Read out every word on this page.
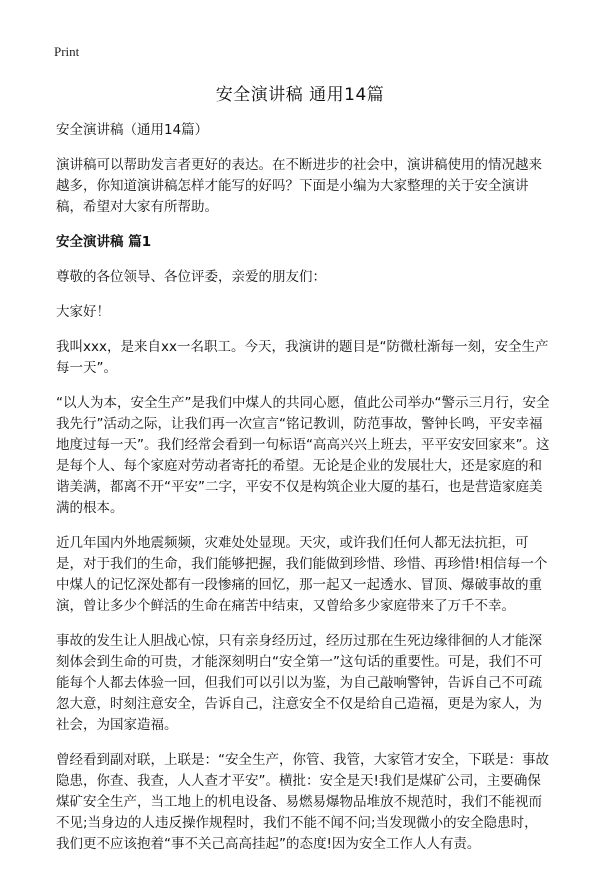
Print
安全演讲稿 通用14篇

安全演讲稿（通用14篇）

演讲稿可以帮助发言者更好的表达。在不断进步的社会中，演讲稿使用的情况越来越多，你知道演讲稿怎样才能写的好吗？下面是小编为大家整理的关于安全演讲稿，希望对大家有所帮助。

安全演讲稿 篇1

尊敬的各位领导、各位评委，亲爱的朋友们：

大家好！

我叫xxx，是来自xx一名职工。今天，我演讲的题目是“防微杜渐每一刻，安全生产每一天”。

“以人为本，安全生产”是我们中煤人的共同心愿，值此公司举办“警示三月行，安全我先行”活动之际，让我们再一次宣言“铭记教训，防范事故，警钟长鸣，平安幸福地度过每一天”。我们经常会看到一句标语“高高兴兴上班去，平平安安回家来”。这是每个人、每个家庭对劳动者寄托的希望。无论是企业的发展壮大，还是家庭的和谐美满，都离不开“平安”二字，平安不仅是构筑企业大厦的基石，也是营造家庭美满的根本。

近几年国内外地震频频，灾难处处显现。天灾，或许我们任何人都无法抗拒，可是，对于我们的生命，我们能够把握，我们能做到珍惜、珍惜、再珍惜!相信每一个中煤人的记忆深处都有一段惨痛的回忆，那一起又一起透水、冒顶、爆破事故的重演，曾让多少个鲜活的生命在痛苦中结束，又曾给多少家庭带来了万千不幸。

事故的发生让人胆战心惊，只有亲身经历过，经历过那在生死边缘徘徊的人才能深刻体会到生命的可贵，才能深刻明白“安全第一”这句话的重要性。可是，我们不可能每个人都去体验一回，但我们可以引以为鉴，为自己敲响警钟，告诉自己不可疏忽大意，时刻注意安全，告诉自己，注意安全不仅是给自己造福，更是为家人，为社会，为国家造福。

曾经看到副对联，上联是：“安全生产，你管、我管，大家管才安全，下联是：事故隐患，你查、我查，人人查才平安”。横批：安全是天!我们是煤矿公司，主要确保煤矿安全生产，当工地上的机电设备、易燃易爆物品堆放不规范时，我们不能视而不见;当身边的人违反操作规程时，我们不能不闻不问;当发现微小的安全隐患时，我们更不应该抱着“事不关己高高挂起”的态度!因为安全工作人人有责。
